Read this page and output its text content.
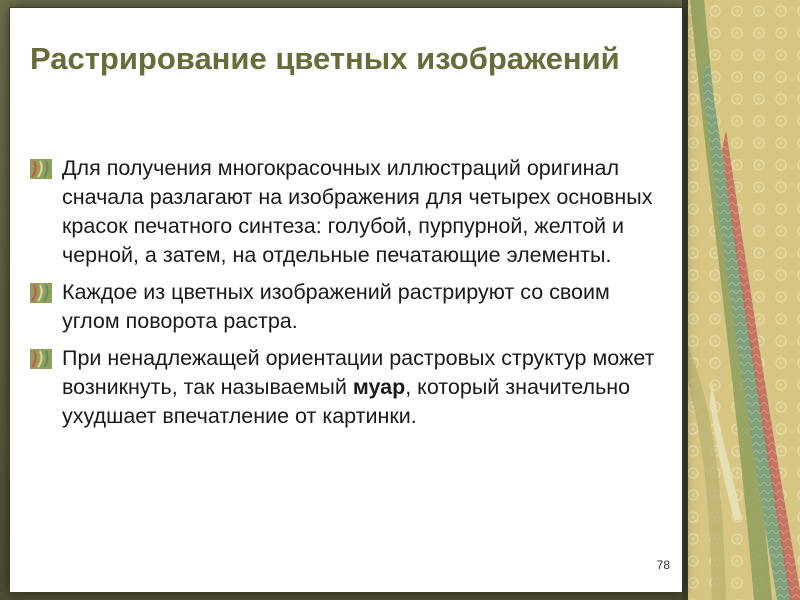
Растрирование цветных изображений
Для получения многокрасочных иллюстраций оригинал сначала разлагают на изображения для четырех основных красок печатного синтеза: голубой, пурпурной, желтой и черной, а затем, на отдельные печатающие элементы.
Каждое из цветных изображений растрируют со своим углом поворота растра.
При ненадлежащей ориентации растровых структур может возникнуть, так называемый муар, который значительно ухудшает впечатление от картинки.
78
